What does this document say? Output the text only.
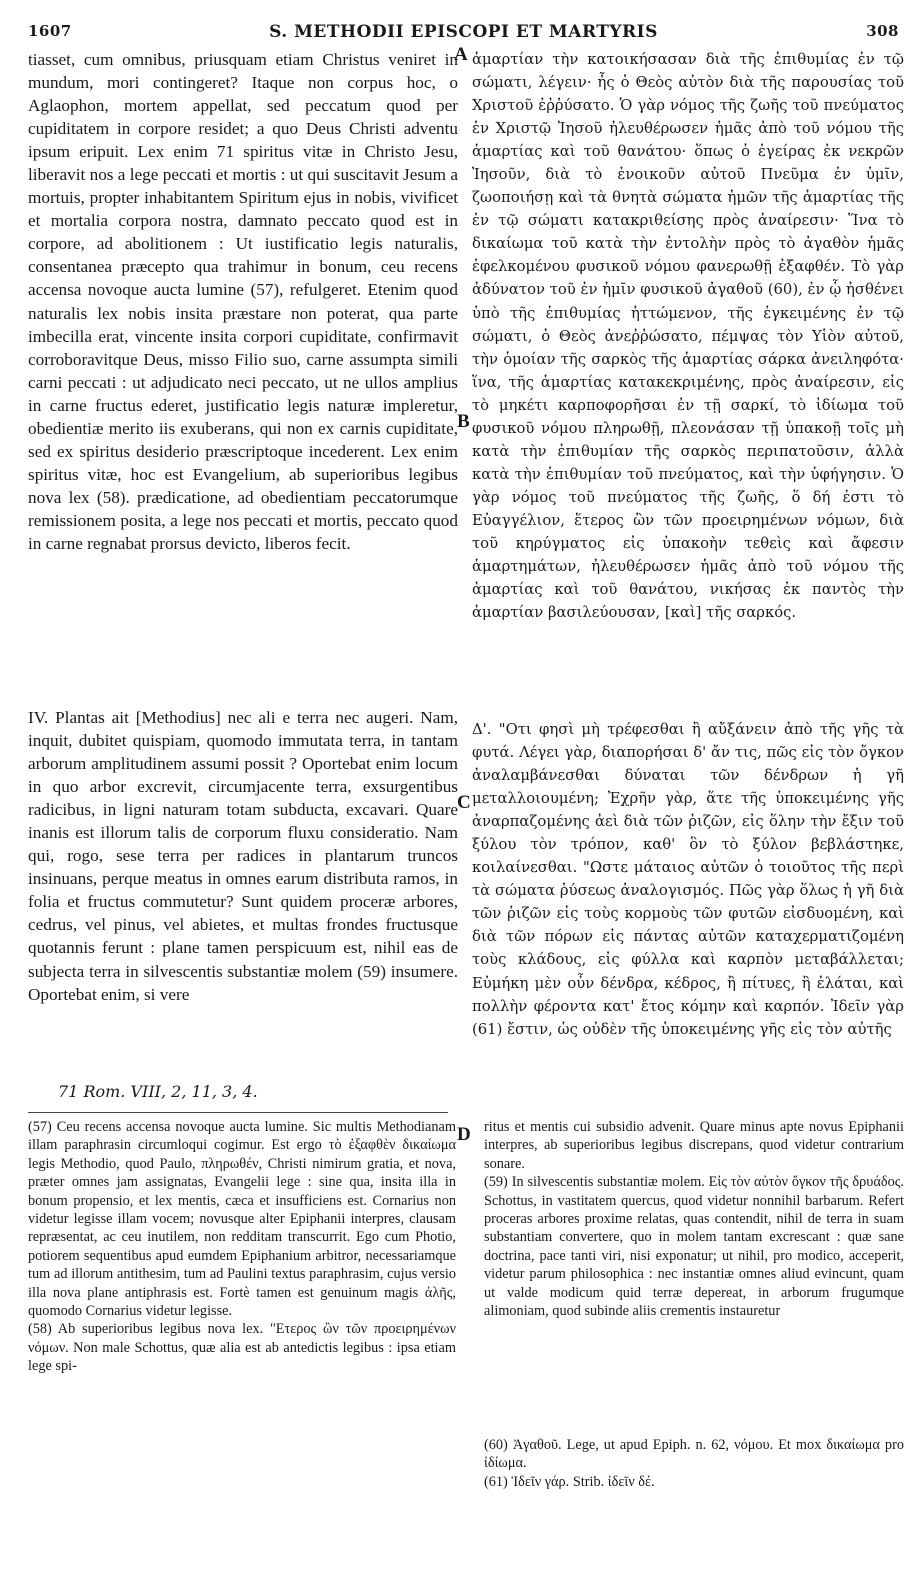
1607	S. METHODII EPISCOPI ET MARTYRIS	308
A
B
C
D

tiasset, cum omnibus, priusquam etiam Christus veniret in mundum, mori contingeret? Itaque non corpus hoc, o Aglaophon, mortem appellat, sed peccatum quod per cupiditatem in corpore residet; a quo Deus Christi adventu ipsum eripuit. Lex enim 71 spiritus vitæ in Christo Jesu, liberavit nos a lege peccati et mortis : ut qui suscitavit Jesum a mortuis, propter inhabitantem Spiritum ejus in nobis, vivificet et mortalia corpora nostra, damnato peccato quod est in corpore, ad abolitionem : Ut iustificatio legis naturalis, consentanea præcepto qua trahimur in bonum, ceu recens accensa novoque aucta lumine (57), refulgeret. Etenim quod naturalis lex nobis insita præstare non poterat, qua parte imbecilla erat, vincente insita corpori cupiditate, confirmavit corroboravitque Deus, misso Filio suo, carne assumpta simili carni peccati : ut adjudicato neci peccato, ut ne ullos amplius in carne fructus ederet, justificatio legis naturæ impleretur, obedientiæ merito iis exuberans, qui non ex carnis cupiditate, sed ex spiritus desiderio præscriptoque incederent. Lex enim spiritus vitæ, hoc est Evangelium, ab superioribus legibus nova lex (58). prædicatione, ad obedientiam peccatorumque remissionem posita, a lege nos peccati et mortis, peccato quod in carne regnabat prorsus devicto, liberos fecit.

IV. Plantas ait [Methodius] nec ali e terra nec augeri. Nam, inquit, dubitet quispiam, quomodo immutata terra, in tantam arborum amplitudinem assumi possit ? Oportebat enim locum in quo arbor excrevit, circumjacente terra, exsurgentibus radicibus, in ligni naturam totam subducta, excavari. Quare inanis est illorum talis de corporum fluxu consideratio. Nam qui, rogo, sese terra per radices in plantarum truncos insinuans, perque meatus in omnes earum distributa ramos, in folia et fructus commutetur? Sunt quidem proceræ arbores, cedrus, vel pinus, vel abietes, et multas frondes fructusque quotannis ferunt : plane tamen perspicuum est, nihil eas de subjecta terra in silvescentis substantiæ molem (59) insumere. Oportebat enim, si vere

ἁμαρτίαν τὴν κατοικήσασαν διὰ τῆς ἐπιθυμίας ἐν τῷ σώματι, λέγειν· ἧς ὁ Θεὸς αὐτὸν διὰ τῆς παρουσίας τοῦ Χριστοῦ ἐῤῥύσατο. Ὁ γὰρ νόμος τῆς ζωῆς τοῦ πνεύματος ἐν Χριστῷ Ἰησοῦ ἠλευθέρωσεν ἡμᾶς ἀπὸ τοῦ νόμου τῆς ἁμαρτίας καὶ τοῦ θανάτου· ὅπως ὁ ἐγείρας ἐκ νεκρῶν Ἰησοῦν, διὰ τὸ ἐνοικοῦν αὐτοῦ Πνεῦμα ἐν ὑμῖν, ζωοποιήσῃ καὶ τὰ θνητὰ σώματα ἡμῶν τῆς ἁμαρτίας τῆς ἐν τῷ σώματι κατακριθείσης πρὸς ἀναίρεσιν· Ἵνα τὸ δικαίωμα τοῦ κατὰ τὴν ἐντολὴν πρὸς τὸ ἀγαθὸν ἡμᾶς ἐφελκομένου φυσικοῦ νόμου φανερωθῇ ἐξαφθέν. Τὸ γὰρ ἀδύνατον τοῦ ἐν ἡμῖν φυσικοῦ ἀγαθοῦ (60), ἐν ᾧ ἠσθένει ὑπὸ τῆς ἐπιθυμίας ἡττώμενον, τῆς ἐγκειμένης ἐν τῷ σώματι, ὁ Θεὸς ἀνεῤῥώσατο, πέμψας τὸν Υἱὸν αὐτοῦ, τὴν ὁμοίαν τῆς σαρκὸς τῆς ἁμαρτίας σάρκα ἀνειληφότα· ἵνα, τῆς ἁμαρτίας κατακεκριμένης, πρὸς ἀναίρεσιν, εἰς τὸ μηκέτι καρποφορῆσαι ἐν τῇ σαρκί, τὸ ἰδίωμα τοῦ φυσικοῦ νόμου πληρωθῇ, πλεονάσαν τῇ ὑπακοῇ τοῖς μὴ κατὰ τὴν ἐπιθυμίαν τῆς σαρκὸς περιπατοῦσιν, ἀλλὰ κατὰ τὴν ἐπιθυμίαν τοῦ πνεύματος, καὶ τὴν ὑφήγησιν. Ὁ γὰρ νόμος τοῦ πνεύματος τῆς ζωῆς, ὅ δή ἐστι τὸ Εὐαγγέλιον, ἕτερος ὢν τῶν προειρημένων νόμων, διὰ τοῦ κηρύγματος εἰς ὑπακοὴν τεθεὶς καὶ ἄφεσιν ἁμαρτημάτων, ἠλευθέρωσεν ἡμᾶς ἀπὸ τοῦ νόμου τῆς ἁμαρτίας καὶ τοῦ θανάτου, νικήσας ἐκ παντὸς τὴν ἁμαρτίαν βασιλεύουσαν, [καὶ] τῆς σαρκός.

Δ'. "Οτι φησὶ μὴ τρέφεσθαι ἢ αὔξάνειν ἀπὸ τῆς γῆς τὰ φυτά. Λέγει γὰρ, διαπορήσαι δ' ἄν τις, πῶς εἰς τὸν ὄγκον ἀναλαμβάνεσθαι δύναται τῶν δένδρων ἡ γῆ μεταλλοιουμένη; Ἐχρῆν γὰρ, ἅτε τῆς ὑποκειμένης γῆς ἀναρπαζομένης ἀεὶ διὰ τῶν ῥιζῶν, εἰς ὅλην τὴν ἔξιν τοῦ ξύλου τὸν τρόπον, καθ' ὃν τὸ ξύλον βεβλάστηκε, κοιλαίνεσθαι. "Ωστε μάταιος αὐτῶν ὁ τοιοῦτος τῆς περὶ τὰ σώματα ῥύσεως ἀναλογισμός. Πῶς γὰρ ὅλως ἡ γῆ διὰ τῶν ῥιζῶν εἰς τοὺς κορμοὺς τῶν φυτῶν εἰσδυομένη, καὶ διὰ τῶν πόρων εἰς πάντας αὐτῶν καταχερματιζομένη τοὺς κλάδους, εἰς φύλλα καὶ καρπὸν μεταβάλλεται; Εὐμήκη μὲν οὖν δένδρα, κέδρος, ἢ πίτυες, ἢ ἐλάται, καὶ πολλὴν φέροντα κατ' ἔτος κόμην καὶ καρπόν. Ἰδεῖν γὰρ (61) ἔστιν, ὡς οὐδὲν τῆς ὑποκειμένης γῆς εἰς τὸν αὐτῆς

71 Rom. VIII, 2, 11, 3, 4.

(57) Ceu recens accensa novoque aucta lumine. Sic multis Methodianam illam paraphrasin circumloqui cogimur. Est ergo τὸ ἐξαφθὲν δικαίωμα legis Methodio, quod Paulo, πληρωθέν, Christi nimirum gratia, et nova, præter omnes jam assignatas, Evangelii lege : sine qua, insita illa in bonum propensio, et lex mentis, cæca et insufficiens est. Cornarius non videtur legisse illam vocem; novusque alter Epiphanii interpres, clausam repræsentat, ac ceu inutilem, non redditam transcurrit. Ego cum Photio, potiorem sequentibus apud eumdem Epiphanium arbitror, necessariamque tum ad illorum antithesim, tum ad Paulini textus paraphrasim, cujus versio illa nova plane antiphrasis est. Fortè tamen est genuinum magis ἀλῆς, quomodo Cornarius videtur legisse.

(58) Ab superioribus legibus nova lex. "Ετερος ὢν τῶν προειρημένων νόμων. Non male Schottus, quæ alia est ab antedictis legibus : ipsa etiam lege spi-

ritus et mentis cui subsidio advenit. Quare minus apte novus Epiphanii interpres, ab superioribus legibus discrepans, quod videtur contrarium sonare.

(59) In silvescentis substantiæ molem. Εἰς τὸν αὐτὸν ὄγκον τῆς δρυάδος. Schottus, in vastitatem quercus, quod videtur nonnihil barbarum. Refert proceras arbores proxime relatas, quas contendit, nihil de terra in suam substantiam convertere, quo in molem tantam excrescant : quæ sane doctrina, pace tanti viri, nisi exponatur; ut nihil, pro modico, acceperit, videtur parum philosophica : nec instantiæ omnes aliud evincunt, quam ut valde modicum quid terræ depereat, in arborum frugumque alimoniam, quod subinde aliis crementis instauretur

(60) Ἀγαθοῦ. Lege, ut apud Epiph. n. 62, νόμου. Et mox δικαίωμα pro ἰδίωμα.

(61) Ἰδεῖν γάρ. Strib. ἰδεῖν δέ.
